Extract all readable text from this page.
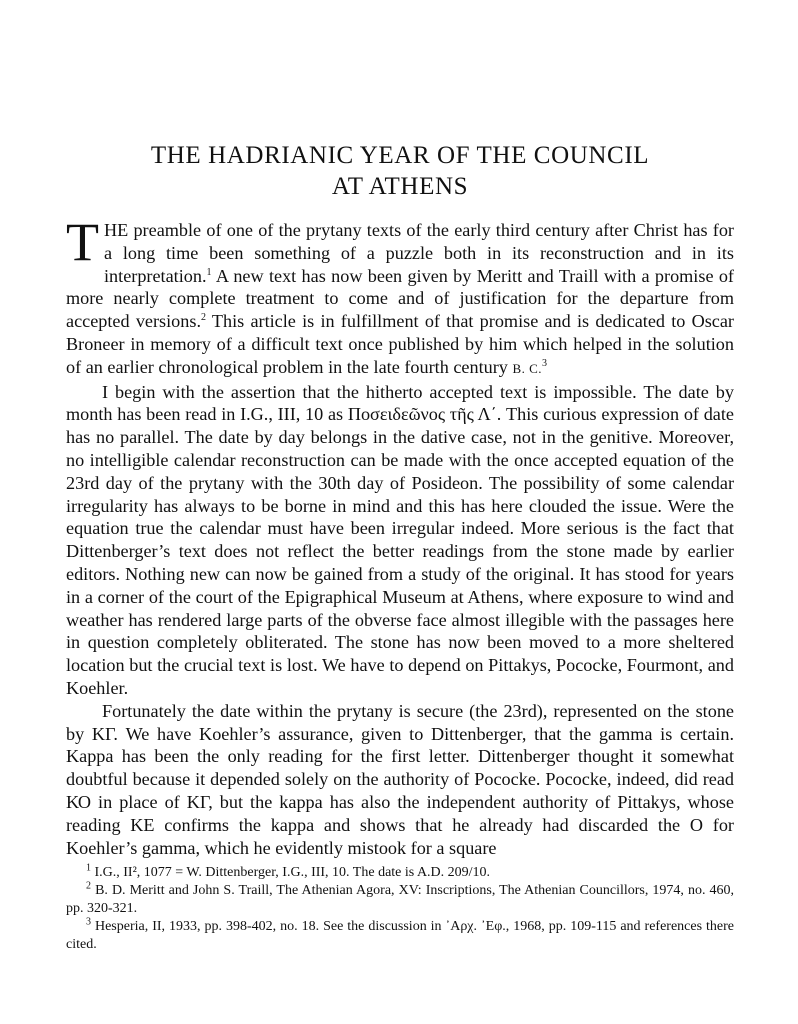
THE HADRIANIC YEAR OF THE COUNCIL
AT ATHENS

THE preamble of one of the prytany texts of the early third century after Christ has for a long time been something of a puzzle both in its reconstruction and in its interpretation.$^1$ A new text has now been given by Meritt and Traill with a promise of more nearly complete treatment to come and of justification for the departure from accepted versions.$^2$ This article is in fulfillment of that promise and is dedicated to Oscar Broneer in memory of a difficult text once published by him which helped in the solution of an earlier chronological problem in the late fourth century B. C.$^3$

I begin with the assertion that the hitherto accepted text is impossible. The date by month has been read in I.G., III, 10 as Ποσειδεῶνος τῆς Λ΄. This curious expression of date has no parallel. The date by day belongs in the dative case, not in the genitive. Moreover, no intelligible calendar reconstruction can be made with the once accepted equation of the 23rd day of the prytany with the 30th day of Posideon. The possibility of some calendar irregularity has always to be borne in mind and this has here clouded the issue. Were the equation true the calendar must have been irregular indeed. More serious is the fact that Dittenberger’s text does not reflect the better readings from the stone made by earlier editors. Nothing new can now be gained from a study of the original. It has stood for years in a corner of the court of the Epigraphical Museum at Athens, where exposure to wind and weather has rendered large parts of the obverse face almost illegible with the passages here in question completely obliterated. The stone has now been moved to a more sheltered location but the crucial text is lost. We have to depend on Pittakys, Pococke, Fourmont, and Koehler.

Fortunately the date within the prytany is secure (the 23rd), represented on the stone by ΚΓ. We have Koehler’s assurance, given to Dittenberger, that the gamma is certain. Kappa has been the only reading for the first letter. Dittenberger thought it somewhat doubtful because it depended solely on the authority of Pococke. Pococke, indeed, did read ΚΟ in place of ΚΓ, but the kappa has also the independent authority of Pittakys, whose reading ΚΕ confirms the kappa and shows that he already had discarded the Ο for Koehler’s gamma, which he evidently mistook for a square

$^1$ I.G., II², 1077 = W. Dittenberger, I.G., III, 10. The date is A.D. 209/10.

$^2$ B. D. Meritt and John S. Traill, The Athenian Agora, XV: Inscriptions, The Athenian Councillors, 1974, no. 460, pp. 320-321.

$^3$ Hesperia, II, 1933, pp. 398-402, no. 18. See the discussion in ᾿Αρχ. ᾿Εφ., 1968, pp. 109-115 and references there cited.
